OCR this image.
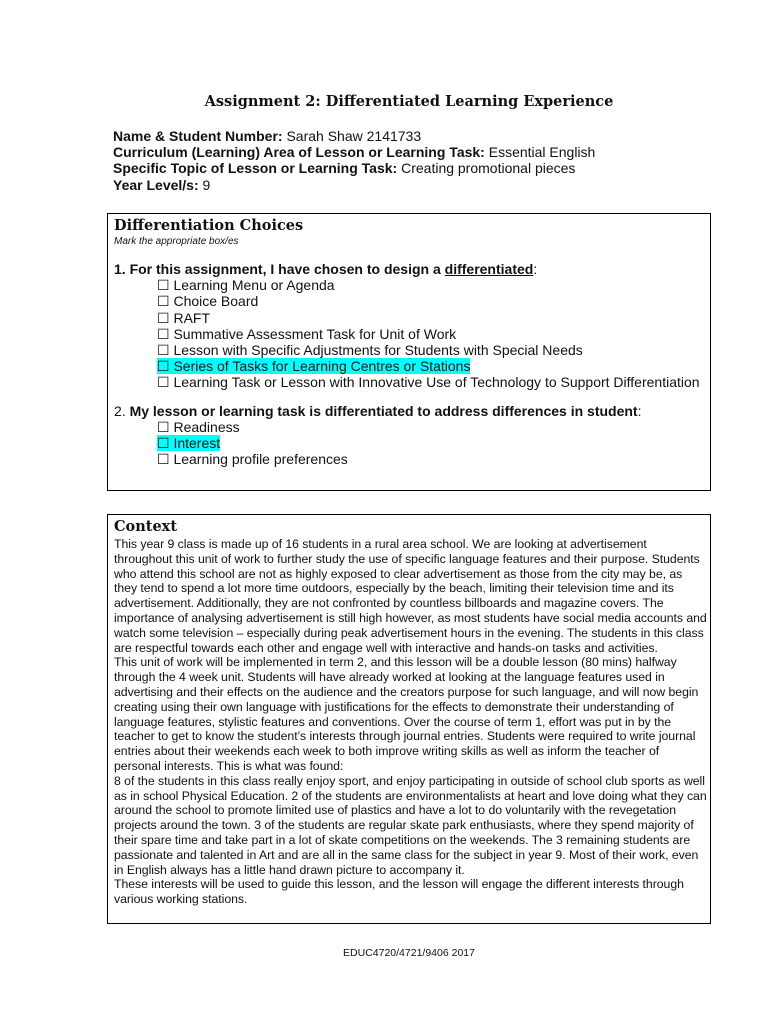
Assignment 2: Differentiated Learning Experience
Name & Student Number: Sarah Shaw 2141733
Curriculum (Learning) Area of Lesson or Learning Task: Essential English
Specific Topic of Lesson or Learning Task: Creating promotional pieces
Year Level/s: 9
Differentiation Choices
Mark the appropriate box/es
1. For this assignment, I have chosen to design a differentiated:
☐ Learning Menu or Agenda
☐ Choice Board
☐ RAFT
☐ Summative Assessment Task for Unit of Work
☐ Lesson with Specific Adjustments for Students with Special Needs
☐ Series of Tasks for Learning Centres or Stations
☐ Learning Task or Lesson with Innovative Use of Technology to Support Differentiation
2. My lesson or learning task is differentiated to address differences in student:
☐ Readiness
☐ Interest
☐ Learning profile preferences
Context

This year 9 class is made up of 16 students in a rural area school. We are looking at advertisement throughout this unit of work to further study the use of specific language features and their purpose. Students who attend this school are not as highly exposed to clear advertisement as those from the city may be, as they tend to spend a lot more time outdoors, especially by the beach, limiting their television time and its advertisement. Additionally, they are not confronted by countless billboards and magazine covers. The importance of analysing advertisement is still high however, as most students have social media accounts and watch some television – especially during peak advertisement hours in the evening. The students in this class are respectful towards each other and engage well with interactive and hands-on tasks and activities.

This unit of work will be implemented in term 2, and this lesson will be a double lesson (80 mins) halfway through the 4 week unit. Students will have already worked at looking at the language features used in advertising and their effects on the audience and the creators purpose for such language, and will now begin creating using their own language with justifications for the effects to demonstrate their understanding of language features, stylistic features and conventions. Over the course of term 1, effort was put in by the teacher to get to know the student’s interests through journal entries. Students were required to write journal entries about their weekends each week to both improve writing skills as well as inform the teacher of personal interests. This is what was found:

8 of the students in this class really enjoy sport, and enjoy participating in outside of school club sports as well as in school Physical Education. 2 of the students are environmentalists at heart and love doing what they can around the school to promote limited use of plastics and have a lot to do voluntarily with the revegetation projects around the town. 3 of the students are regular skate park enthusiasts, where they spend majority of their spare time and take part in a lot of skate competitions on the weekends. The 3 remaining students are passionate and talented in Art and are all in the same class for the subject in year 9. Most of their work, even in English always has a little hand drawn picture to accompany it.

These interests will be used to guide this lesson, and the lesson will engage the different interests through various working stations.

EDUC4720/4721/9406 2017
